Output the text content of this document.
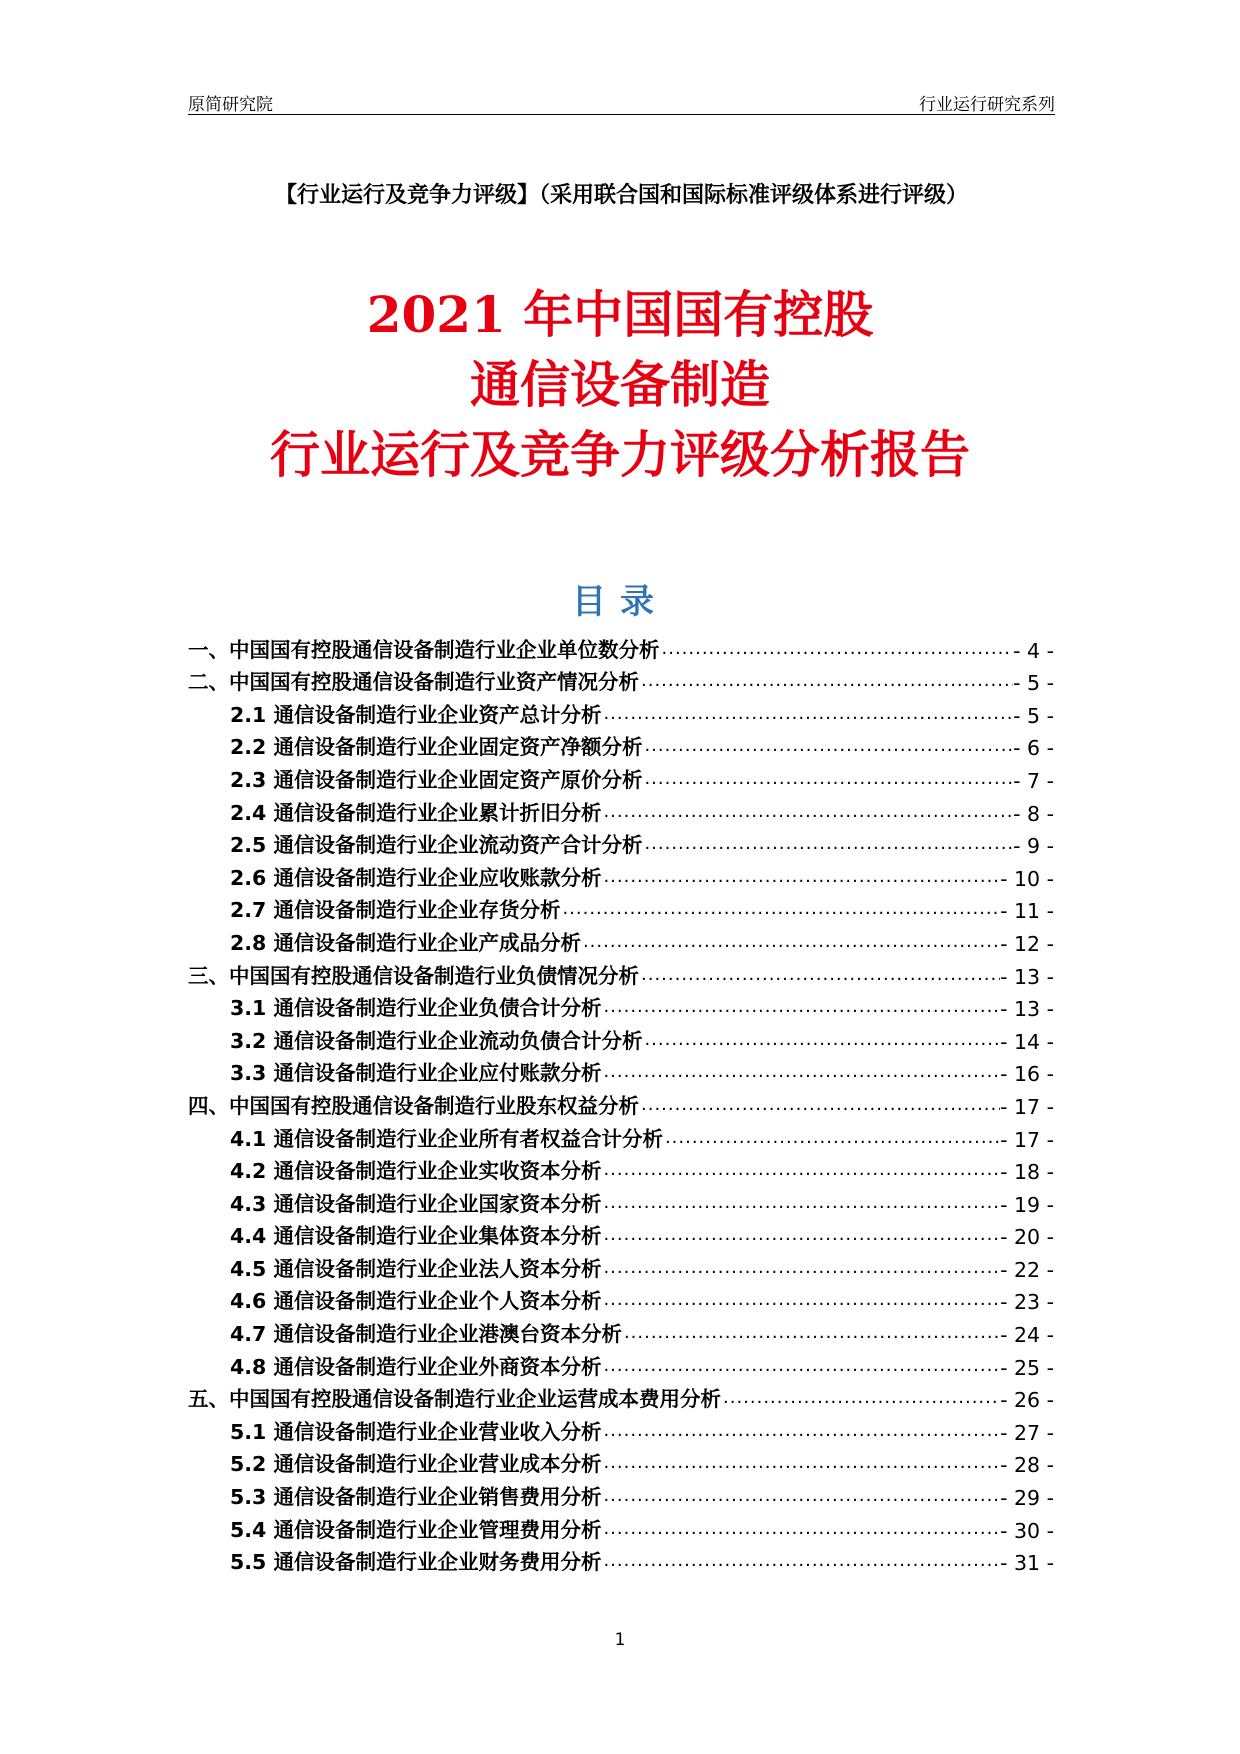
原简研究院	行业运行研究系列
【行业运行及竞争力评级】（采用联合国和国际标准评级体系进行评级）
2021 年中国国有控股
通信设备制造
行业运行及竞争力评级分析报告
目录
一、中国国有控股通信设备制造行业企业单位数分析 .....	- 4 -
二、中国国有控股通信设备制造行业资产情况分析 .....	- 5 -
2.1 通信设备制造行业企业资产总计分析 .....	- 5 -
2.2 通信设备制造行业企业固定资产净额分析 .....	- 6 -
2.3 通信设备制造行业企业固定资产原价分析 .....	- 7 -
2.4 通信设备制造行业企业累计折旧分析 .....	- 8 -
2.5 通信设备制造行业企业流动资产合计分析 .....	- 9 -
2.6 通信设备制造行业企业应收账款分析 .....	- 10 -
2.7 通信设备制造行业企业存货分析 .....	- 11 -
2.8 通信设备制造行业企业产成品分析 .....	- 12 -
三、中国国有控股通信设备制造行业负债情况分析 .....	- 13 -
3.1 通信设备制造行业企业负债合计分析 .....	- 13 -
3.2 通信设备制造行业企业流动负债合计分析 .....	- 14 -
3.3 通信设备制造行业企业应付账款分析 .....	- 16 -
四、中国国有控股通信设备制造行业股东权益分析 .....	- 17 -
4.1 通信设备制造行业企业所有者权益合计分析 .....	- 17 -
4.2 通信设备制造行业企业实收资本分析 .....	- 18 -
4.3 通信设备制造行业企业国家资本分析 .....	- 19 -
4.4 通信设备制造行业企业集体资本分析 .....	- 20 -
4.5 通信设备制造行业企业法人资本分析 .....	- 22 -
4.6 通信设备制造行业企业个人资本分析 .....	- 23 -
4.7 通信设备制造行业企业港澳台资本分析 .....	- 24 -
4.8 通信设备制造行业企业外商资本分析 .....	- 25 -
五、中国国有控股通信设备制造行业企业运营成本费用分析 .....	- 26 -
5.1 通信设备制造行业企业营业收入分析 .....	- 27 -
5.2 通信设备制造行业企业营业成本分析 .....	- 28 -
5.3 通信设备制造行业企业销售费用分析 .....	- 29 -
5.4 通信设备制造行业企业管理费用分析 .....	- 30 -
5.5 通信设备制造行业企业财务费用分析 .....	- 31 -
1
